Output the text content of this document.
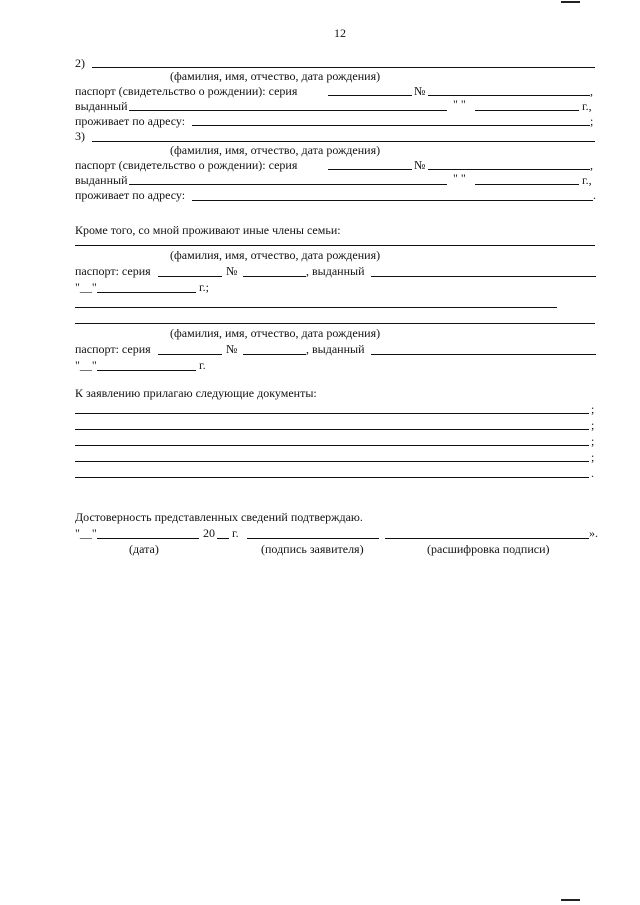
12
2)
(фамилия, имя, отчество, дата рождения)
паспорт (свидетельство о рождении): серия	№	,
выданный	" "	г.,
проживает по адресу:	;
3)
(фамилия, имя, отчество, дата рождения)
паспорт (свидетельство о рождении): серия	№	,
выданный	" "	г.,
проживает по адресу:	.
Кроме того, со мной проживают иные члены семьи:
(фамилия, имя, отчество, дата рождения)
паспорт: серия	№	, выданный
"__"	г.;
(фамилия, имя, отчество, дата рождения)
паспорт: серия	№	, выданный
"__"	г.
К заявлению прилагаю следующие документы:
;
;
;
;
.
Достоверность представленных сведений подтверждаю.
"__"	20 г.	».
(дата)	(подпись заявителя)	(расшифровка подписи)
